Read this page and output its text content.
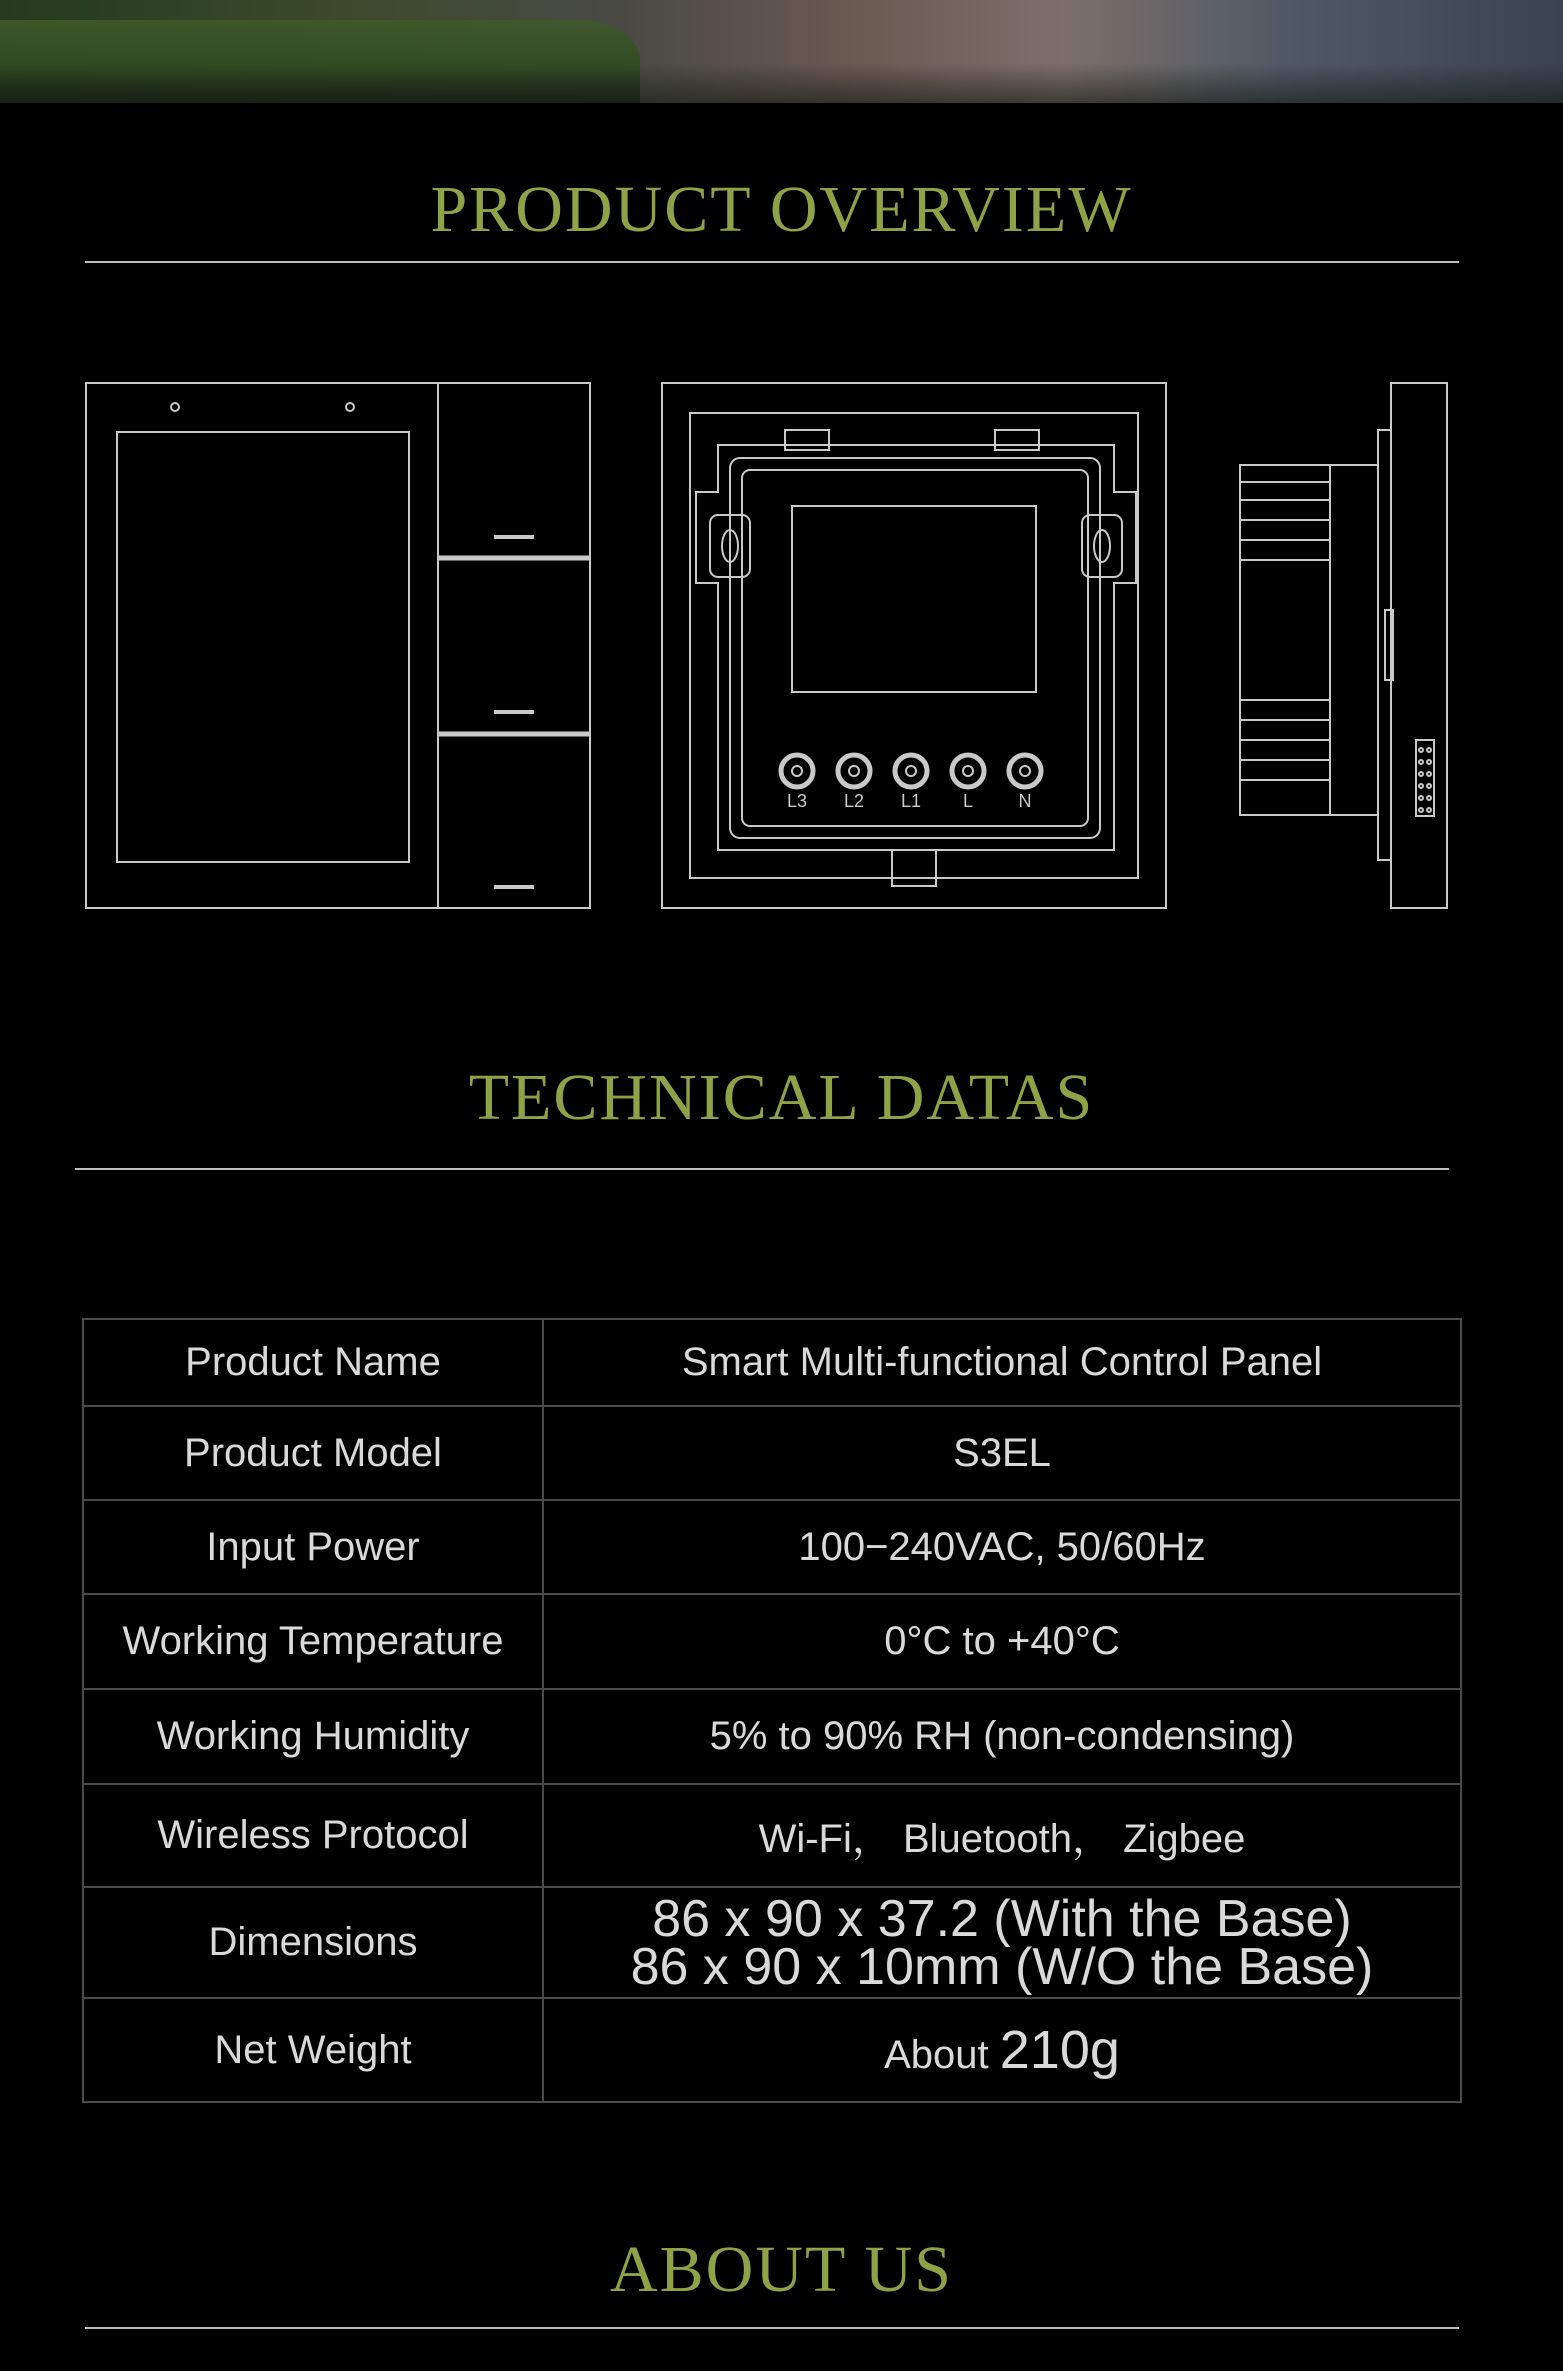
PRODUCT OVERVIEW
L3 L2 L1 L	N
TECHNICAL DATAS
Product Name	Smart Multi-functional Control Panel
Product Model	S3EL
Input Power	100−240VAC, 50/60Hz
Working Temperature	0°C to +40°C
Working Humidity	5% to 90% RH (non-condensing)
Wireless Protocol	Wi-Fi， Bluetooth， Zigbee
Dimensions	86 x 90 x 37.2 (With the Base)
86 x 90 x 10mm (W/O the Base)

Net Weight	About 210g
ABOUT US
